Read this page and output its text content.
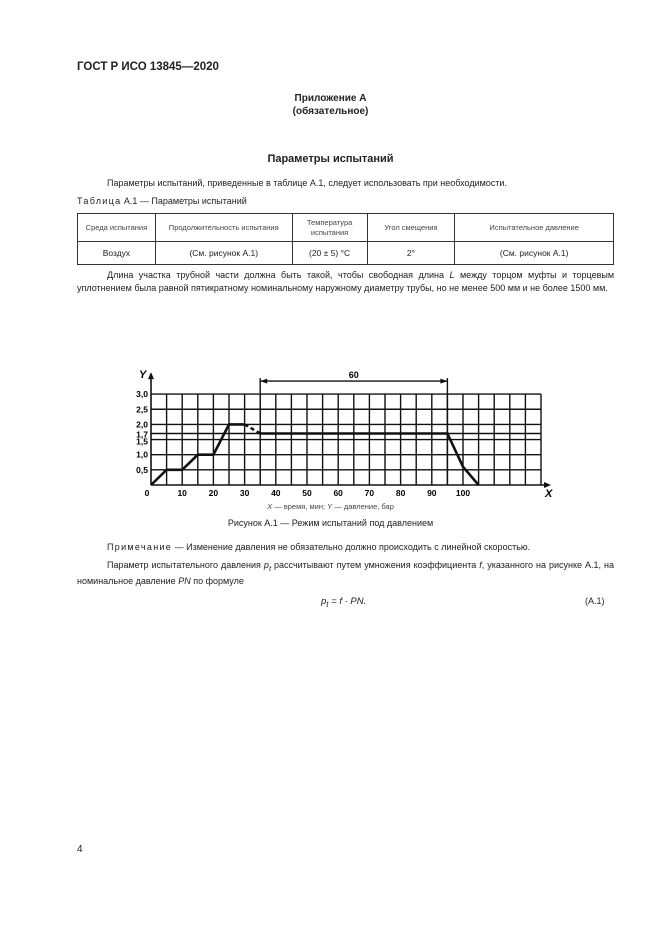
ГОСТ Р ИСО 13845—2020
Приложение А
(обязательное)
Параметры испытаний
Параметры испытаний, приведенные в таблице А.1, следует использовать при необходимости.
Таблица А.1 — Параметры испытаний
Среда испытания	Продолжительность испытания	Температура испытания	Угол смещения	Испытательное давление
Воздух	(См. рисунок А.1)	(20 ± 5) °C	2°	(См. рисунок А.1)
Длина участка трубной части должна быть такой, чтобы свободная длина L между торцом муфты и торцевым уплотнением была равной пятикратному номинальному наружному диаметру трубы, но не менее 500 мм и не более 1500 мм.
60
X
Y
0	10	20	30	40	50	60	70	80	90 100
0,5
1,0
1,5
1,7
2,0
2,5
3,0
X — время, мин; Y — давление, бар
Рисунок А.1 — Режим испытаний под давлением
Примечание — Изменение давления не обязательно должно происходить с линейной скоростью.
Параметр испытательного давления $p_t$ рассчитывают путем умножения коэффициента f, указанного на рисунке А.1, на номинальное давление PN по формуле
$p_t = f$ · PN.	(А.1)
4
